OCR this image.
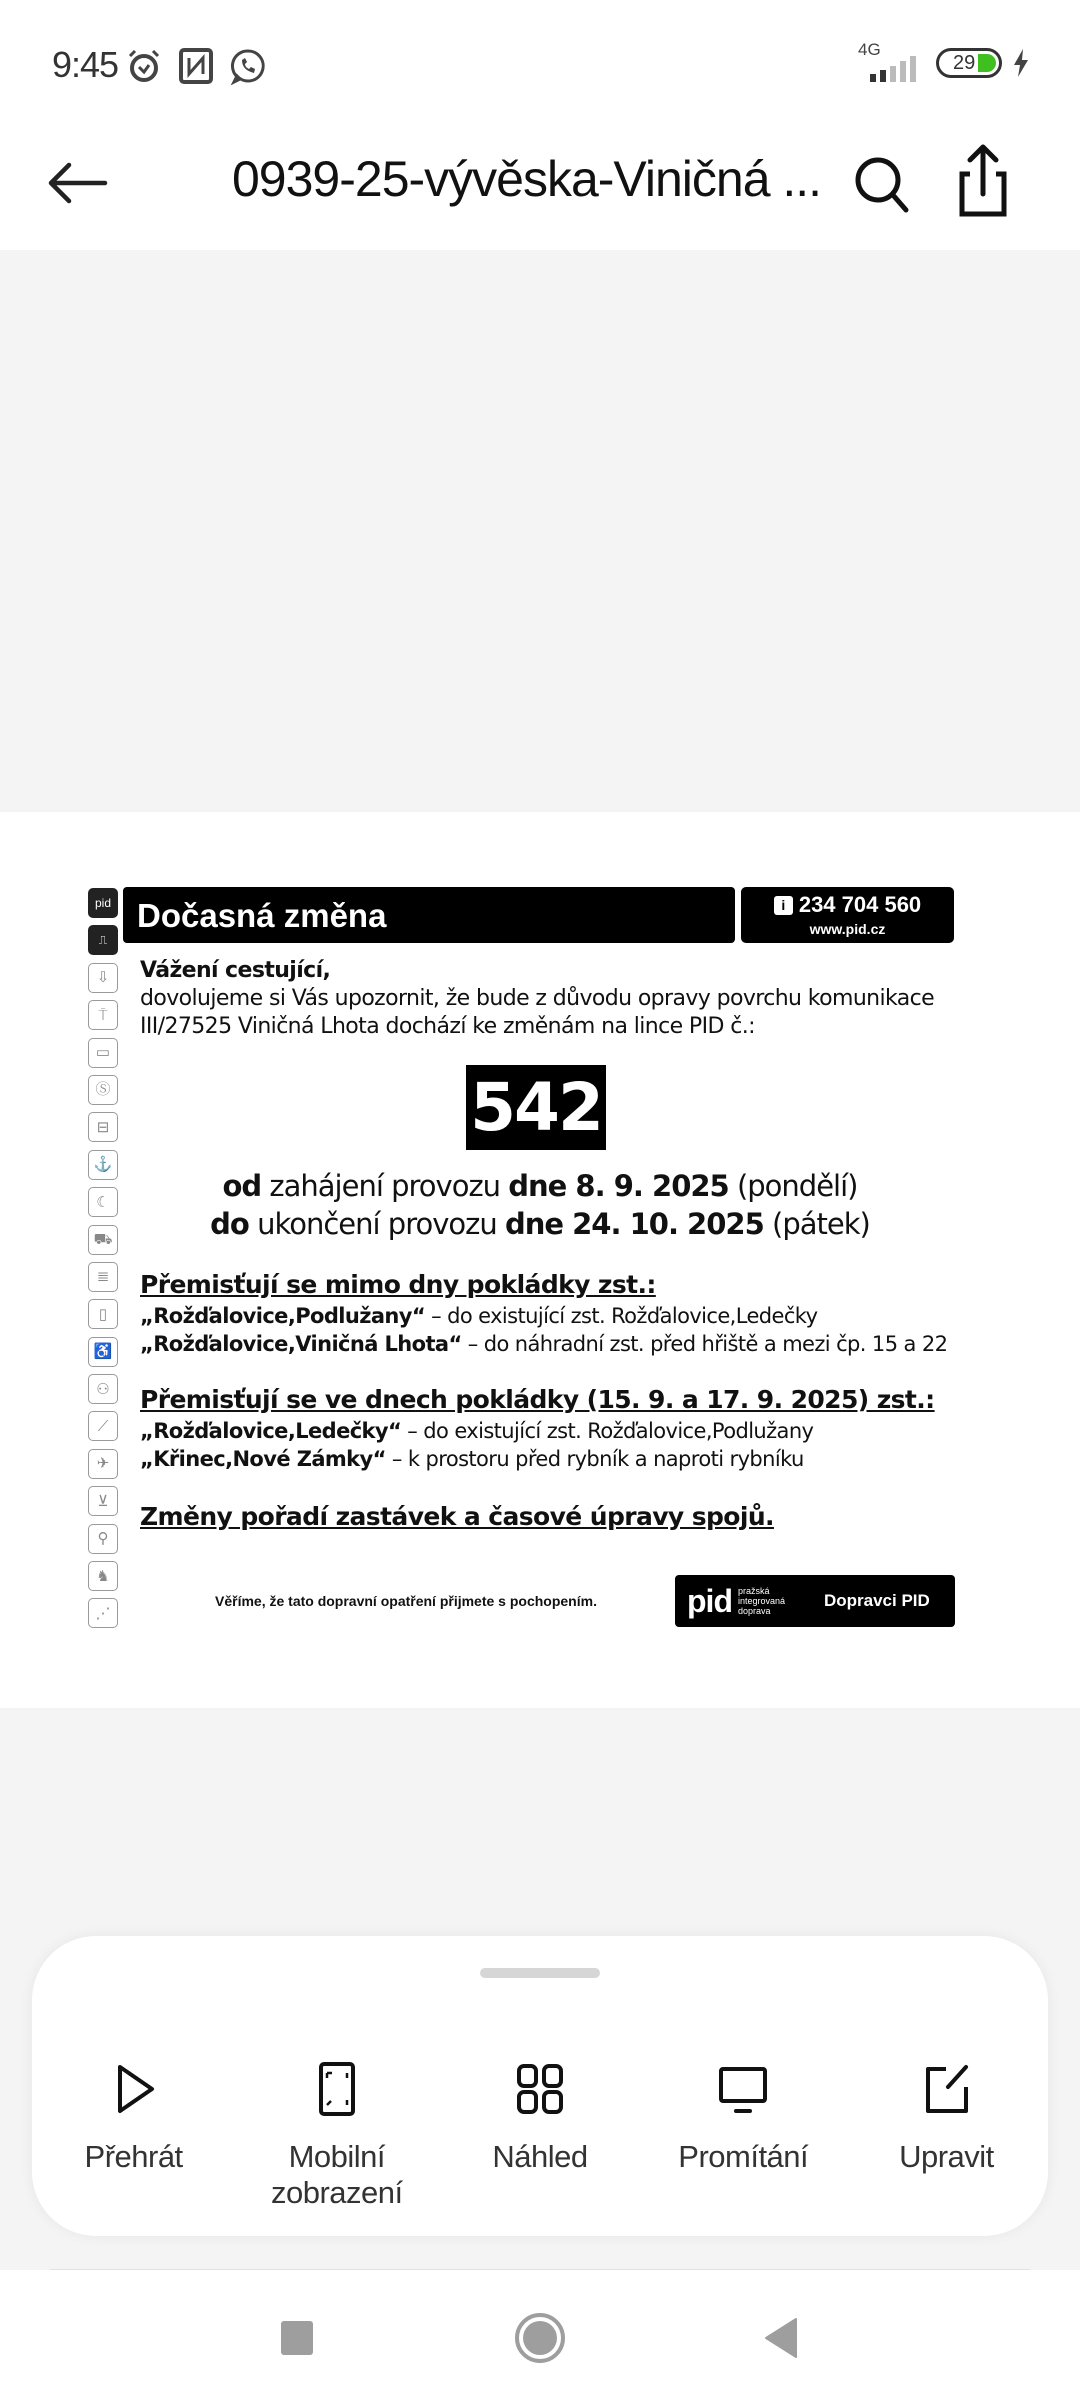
9:45	4G
29
0939-25-vývěska-Viničná ...
pid
⎍
⇩
⍑
▭
Ⓢ
⊟
⚓
☾
⛟
≣
▯
♿
⚇
⟋
✈
⊻
⚲
♞
⋰
Dočasná změna	i 234 704 560
www.pid.cz
Vážení cestující,
dovolujeme si Vás upozornit, že bude z důvodu opravy povrchu komunikace
III/27525 Viničná Lhota dochází ke změnám na lince PID č.:
542
od zahájení provozu dne 8. 9. 2025 (pondělí)
do ukončení provozu dne 24. 10. 2025 (pátek)
Přemisťují se mimo dny pokládky zst.:
„Rožďalovice,Podlužany“ – do existující zst. Rožďalovice,Ledečky
„Rožďalovice,Viničná Lhota“ – do náhradní zst. před hřiště a mezi čp. 15 a 22
Přemisťují se ve dnech pokládky (15. 9. a 17. 9. 2025) zst.:
„Rožďalovice,Ledečky“ – do existující zst. Rožďalovice,Podlužany
„Křinec,Nové Zámky“ – k prostoru před rybník a naproti rybníku
Změny pořadí zastávek a časové úpravy spojů.
Věříme, že tato dopravní opatření přijmete s pochopením.	pid pražská integrovaná doprava
Dopravci PID
Přehrát	Mobilní zobrazení
Náhled	Promítání	Upravit
